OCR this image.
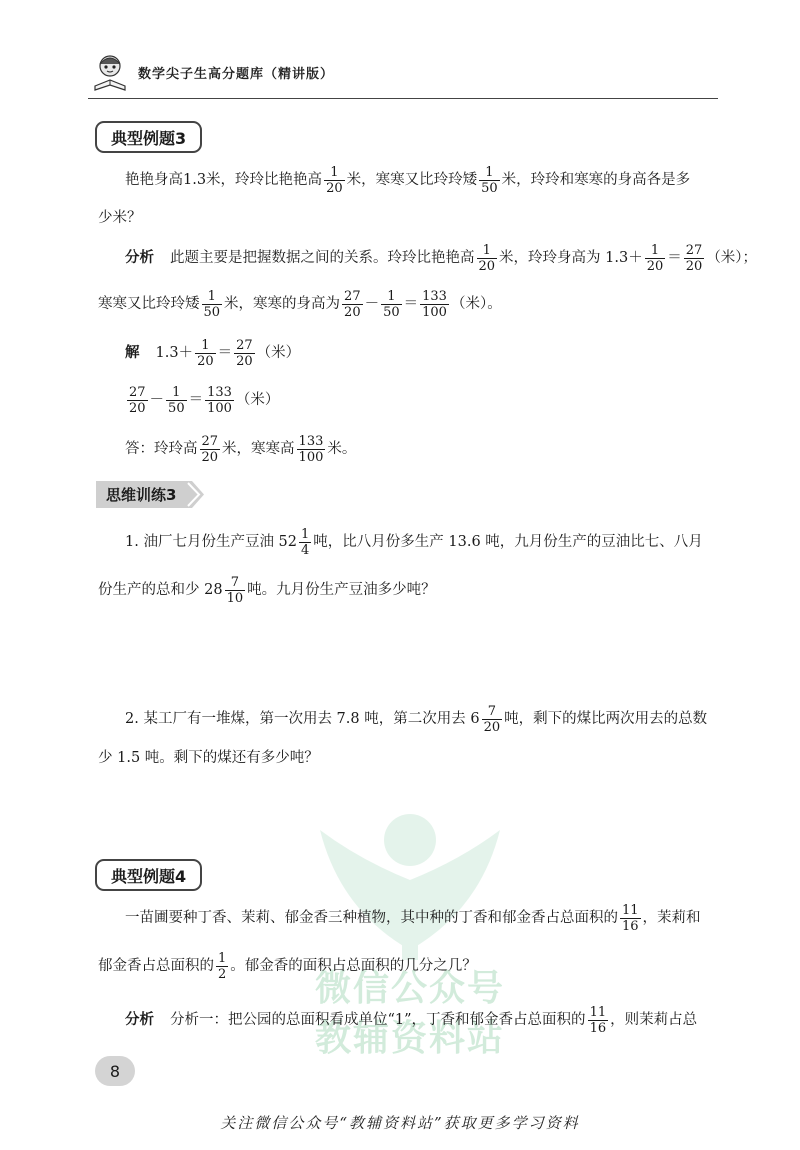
数学尖子生高分题库（精讲版）
典型例题3
艳艳身高1.3米，玲玲比艳艳高 $\frac{1}{20}$ 米，寒寒又比玲玲矮 $\frac{1}{50}$ 米，玲玲和寒寒的身高各是多
少米？
分析 此题主要是把握数据之间的关系。玲玲比艳艳高 $\frac{1}{20}$ 米，玲玲身高为 $1.3+ \frac{1}{20} = \frac{27}{20}$ （米）；
寒寒又比玲玲矮 $\frac{1}{50}$ 米，寒寒的身高为 $\frac{27}{20} - \frac{1}{50} = \frac{133}{100}$ （米）。
解 $1.3+ \frac{1}{20} = \frac{27}{20}$ （米）
$\frac{27}{20} - \frac{1}{50} = \frac{133}{100}$ （米）
答：玲玲高 $\frac{27}{20}$ 米，寒寒高 $\frac{133}{100}$ 米。
思维训练3
1. 油厂七月份生产豆油 $52 \frac{1}{4}$ 吨，比八月份多生产 13.6 吨，九月份生产的豆油比七、八月
份生产的总和少 $28 \frac{7}{10}$ 吨。九月份生产豆油多少吨？
2. 某工厂有一堆煤，第一次用去 7.8 吨，第二次用去 $6 \frac{7}{20}$ 吨，剩下的煤比两次用去的总数
少 1.5 吨。剩下的煤还有多少吨？
微信公众号
教辅资料站
典型例题4
一苗圃要种丁香、茉莉、郁金香三种植物，其中种的丁香和郁金香占总面积的 $\frac{11}{16}$ ，茉莉和
郁金香占总面积的 $\frac{1}{2}$ 。郁金香的面积占总面积的几分之几？
分析 分析一：把公园的总面积看成单位“1”，丁香和郁金香占总面积的 $\frac{11}{16}$ ，则茉莉占总
8
关注微信公众号“教辅资料站”获取更多学习资料
